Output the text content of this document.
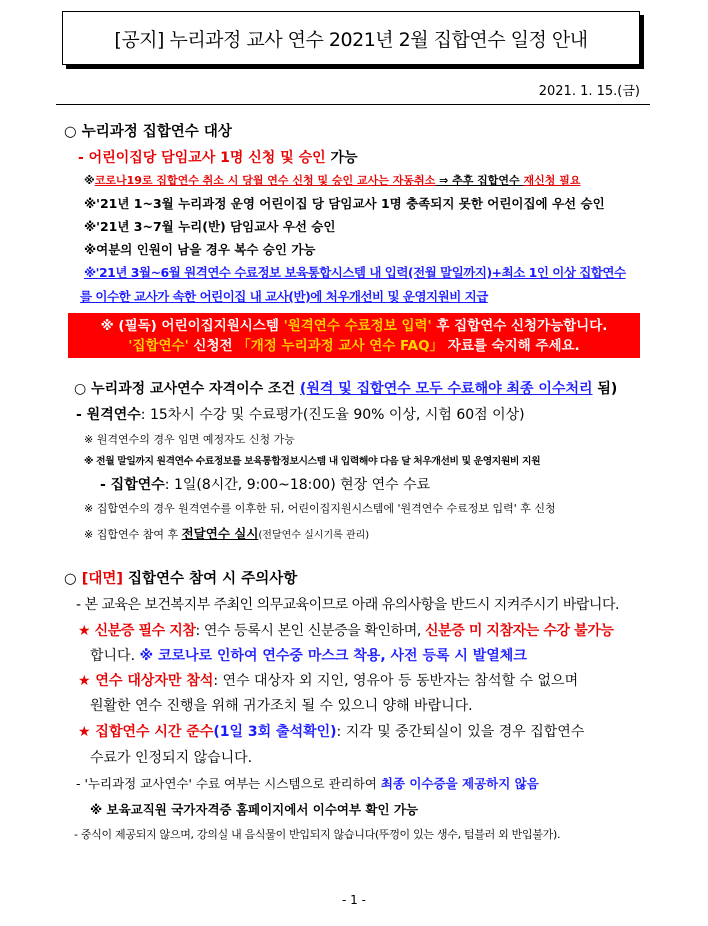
[공지] 누리과정 교사 연수 2021년 2월 집합연수 일정 안내
2021. 1. 15.(금)
○ 누리과정 집합연수 대상
- 어린이집당 담임교사 1명 신청 및 승인 가능
※코로나19로 집합연수 취소 시 당월 연수 신청 및 승인 교사는 자동취소 ⇒ 추후 집합연수 재신청 필요
※'21년 1~3월 누리과정 운영 어린이집 당 담임교사 1명 충족되지 못한 어린이집에 우선 승인
※'21년 3~7월 누리(반) 담임교사 우선 승인
※여분의 인원이 남을 경우 복수 승인 가능
※'21년 3월~6월 원격연수 수료정보 보육통합시스템 내 입력(전월 말일까지)+최소 1인 이상 집합연수
를 이수한 교사가 속한 어린이집 내 교사(반)에 처우개선비 및 운영지원비 지급
※ (필독) 어린이집지원시스템 '원격연수 수료정보 입력' 후 집합연수 신청가능합니다.
'집합연수' 신청전 「개정 누리과정 교사 연수 FAQ」 자료를 숙지해 주세요.
○ 누리과정 교사연수 자격이수 조건 (원격 및 집합연수 모두 수료해야 최종 이수처리 됨)
- 원격연수: 15차시 수강 및 수료평가(진도율 90% 이상, 시험 60점 이상)
※ 원격연수의 경우 임면 예정자도 신청 가능
※ 전월 말일까지 원격연수 수료정보를 보육통합정보시스템 내 입력해야 다음 달 처우개선비 및 운영지원비 지원
- 집합연수: 1일(8시간, 9:00~18:00) 현장 연수 수료
※ 집합연수의 경우 원격연수를 이후한 뒤, 어린이집지원시스템에 '원격연수 수료정보 입력' 후 신청
※ 집합연수 참여 후 전달연수 실시(전달연수 실시기록 관리)
○ [대면] 집합연수 참여 시 주의사항
- 본 교육은 보건복지부 주최인 의무교육이므로 아래 유의사항을 반드시 지켜주시기 바랍니다.
★ 신분증 필수 지참: 연수 등록시 본인 신분증을 확인하며, 신분증 미 지참자는 수강 불가능
합니다. ※ 코로나로 인하여 연수중 마스크 착용, 사전 등록 시 발열체크
★ 연수 대상자만 참석: 연수 대상자 외 지인, 영유아 등 동반자는 참석할 수 없으며
원활한 연수 진행을 위해 귀가조치 될 수 있으니 양해 바랍니다.
★ 집합연수 시간 준수(1일 3회 출석확인): 지각 및 중간퇴실이 있을 경우 집합연수
수료가 인정되지 않습니다.
- '누리과정 교사연수' 수료 여부는 시스템으로 관리하여 최종 이수증을 제공하지 않음
※ 보육교직원 국가자격증 홈페이지에서 이수여부 확인 가능
- 중식이 제공되지 않으며, 강의실 내 음식물이 반입되지 않습니다(뚜껑이 있는 생수, 텀블러 외 반입불가).
- 1 -
